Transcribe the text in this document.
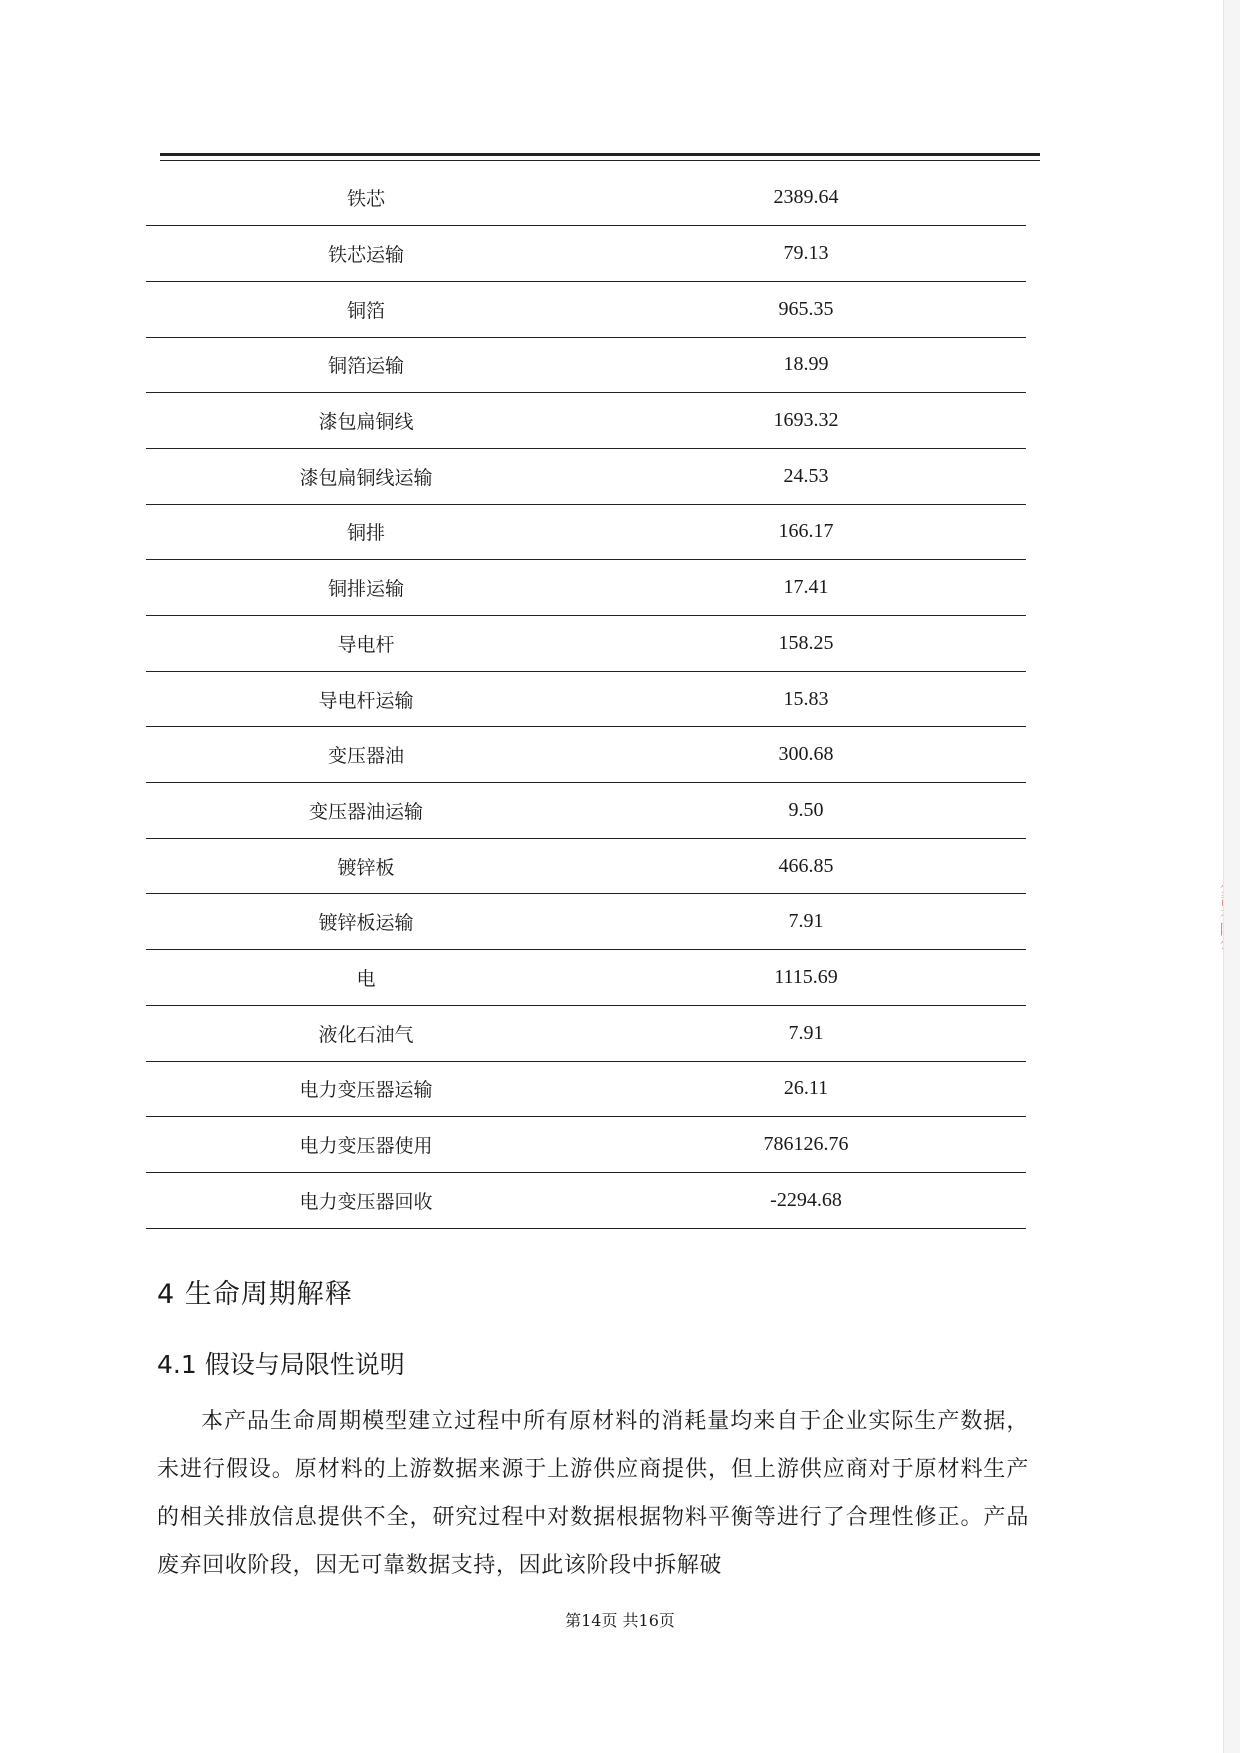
铁芯	2389.64
铁芯运输	79.13
铜箔	965.35
铜箔运输	18.99
漆包扁铜线	1693.32
漆包扁铜线运输	24.53
铜排	166.17
铜排运输	17.41
导电杆	158.25
导电杆运输	15.83
变压器油	300.68
变压器油运输	9.50
镀锌板	466.85
镀锌板运输	7.91
电	1115.69
液化石油气	7.91
电力变压器运输	26.11
电力变压器使用	786126.76
电力变压器回收	-2294.68
4 生命周期解释
4.1 假设与局限性说明

本产品生命周期模型建立过程中所有原材料的消耗量均来自于企业实际生产数据，未进行假设。原材料的上游数据来源于上游供应商提供，但上游供应商对于原材料生产的相关排放信息提供不全，研究过程中对数据根据物料平衡等进行了合理性修正。产品废弃回收阶段，因无可靠数据支持，因此该阶段中拆解破

第14页 共16页
